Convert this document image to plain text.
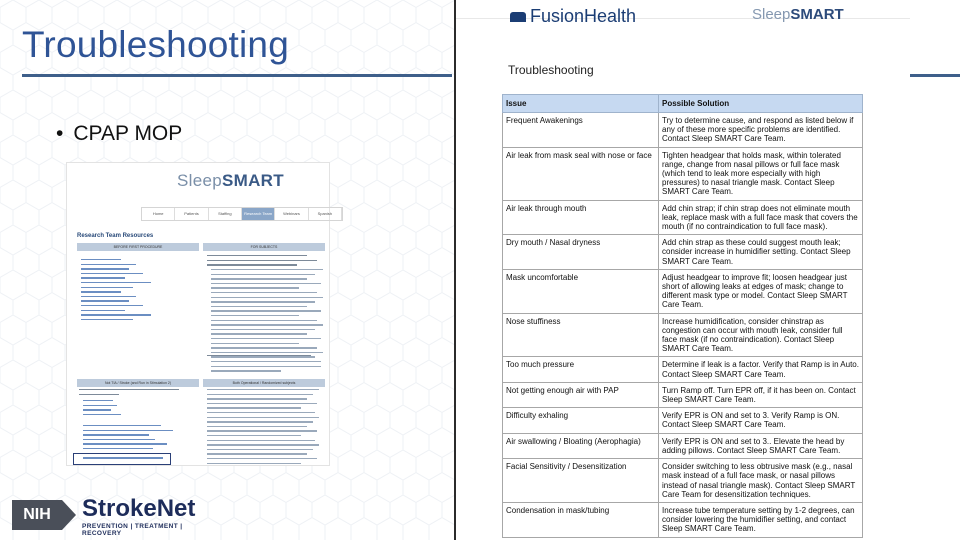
Troubleshooting
• CPAP MOP
SleepSMART
Home	Patients	Staffing	Research Team	Webinars	Spanish
Research Team Resources
BEFORE FIRST PROCEDURE	FOR SUBJECTS
Not TIA / Stroke (and Run in Stimulation 2)	Both Operational / Randomized subjects
NIH	StrokeNet
PREVENTION | TREATMENT | RECOVERY
FusionHealth	SleepSMART
Troubleshooting
Issue	Possible Solution
Frequent Awakenings	Try to determine cause, and respond as listed below if any of these more specific problems are identified. Contact Sleep SMART Care Team.
Air leak from mask seal with nose or face	Tighten headgear that holds mask, within tolerated range, change from nasal pillows or full face mask (which tend to leak more especially with high pressures) to nasal triangle mask. Contact Sleep SMART Care Team.
Air leak through mouth	Add chin strap; if chin strap does not eliminate mouth leak, replace mask with a full face mask that covers the mouth (if no contraindication to full face mask).
Dry mouth / Nasal dryness	Add chin strap as these could suggest mouth leak; consider increase in humidifier setting. Contact Sleep SMART Care Team.
Mask uncomfortable	Adjust headgear to improve fit; loosen headgear just short of allowing leaks at edges of mask; change to different mask type or model. Contact Sleep SMART Care Team.
Nose stuffiness	Increase humidification, consider chinstrap as congestion can occur with mouth leak, consider full face mask (if no contraindication). Contact Sleep SMART Care Team.
Too much pressure	Determine if leak is a factor. Verify that Ramp is in Auto. Contact Sleep SMART Care Team.
Not getting enough air with PAP	Turn Ramp off. Turn EPR off, if it has been on. Contact Sleep SMART Care Team.
Difficulty exhaling	Verify EPR is ON and set to 3. Verify Ramp is ON. Contact Sleep SMART Care Team.
Air swallowing / Bloating (Aerophagia)	Verify EPR is ON and set to 3.. Elevate the head by adding pillows. Contact Sleep SMART Care Team.
Facial Sensitivity / Desensitization	Consider switching to less obtrusive mask (e.g., nasal mask instead of a full face mask, or nasal pillows instead of nasal triangle mask). Contact Sleep SMART Care Team for desensitization techniques.
Condensation in mask/tubing	Increase tube temperature setting by 1-2 degrees, can consider lowering the humidifier setting, and contact Sleep SMART Care Team.
